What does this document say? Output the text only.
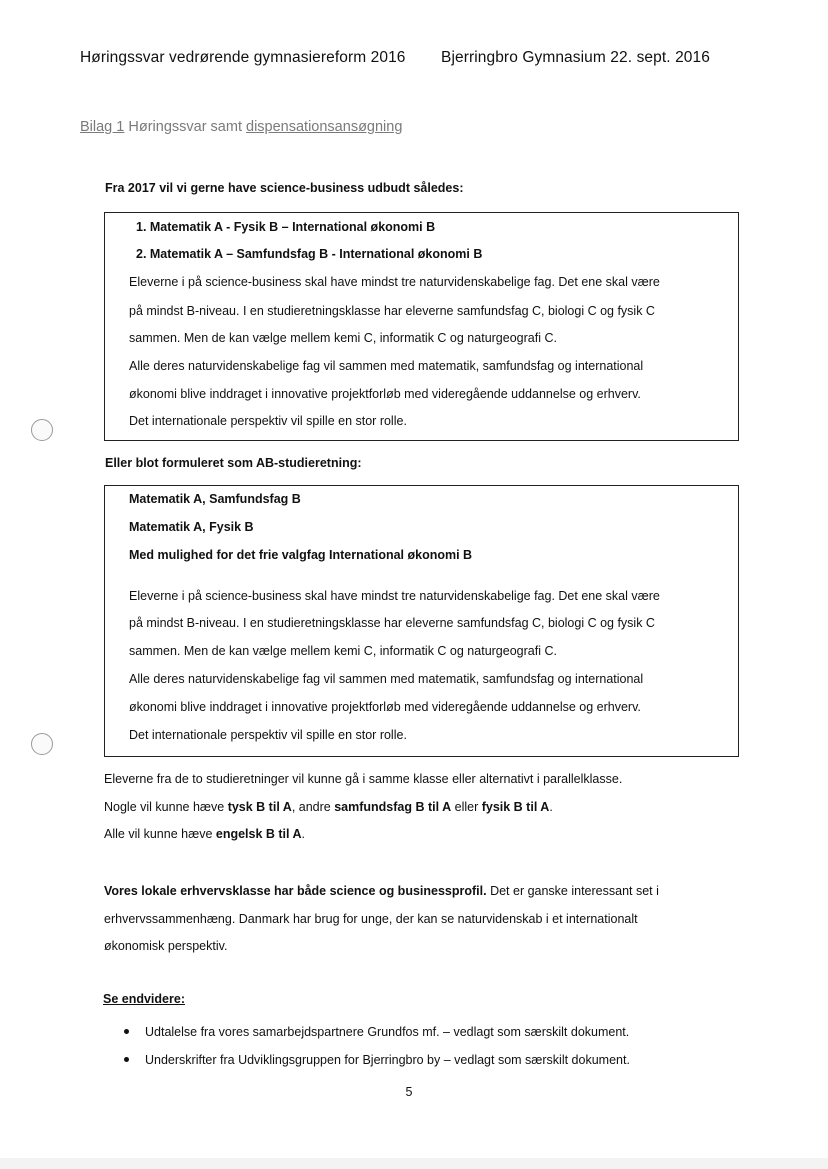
Høringssvar vedrørende gymnasiereform 2016 Bjerringbro Gymnasium 22. sept. 2016
Bilag 1 Høringssvar samt dispensationsansøgning
Fra 2017 vil vi gerne have science-business udbudt således:
1. Matematik A - Fysik B – International økonomi B
2. Matematik A – Samfundsfag B - International økonomi B
Eleverne i på science-business skal have mindst tre naturvidenskabelige fag. Det ene skal være
på mindst B-niveau. I en studieretningsklasse har eleverne samfundsfag C, biologi C og fysik C
sammen. Men de kan vælge mellem kemi C, informatik C og naturgeografi C.
Alle deres naturvidenskabelige fag vil sammen med matematik, samfundsfag og international
økonomi blive inddraget i innovative projektforløb med videregående uddannelse og erhverv.
Det internationale perspektiv vil spille en stor rolle.
Eller blot formuleret som AB-studieretning:
Matematik A, Samfundsfag B
Matematik A, Fysik B
Med mulighed for det frie valgfag International økonomi B
Eleverne i på science-business skal have mindst tre naturvidenskabelige fag. Det ene skal være
på mindst B-niveau. I en studieretningsklasse har eleverne samfundsfag C, biologi C og fysik C
sammen. Men de kan vælge mellem kemi C, informatik C og naturgeografi C.
Alle deres naturvidenskabelige fag vil sammen med matematik, samfundsfag og international
økonomi blive inddraget i innovative projektforløb med videregående uddannelse og erhverv.
Det internationale perspektiv vil spille en stor rolle.
Eleverne fra de to studieretninger vil kunne gå i samme klasse eller alternativt i parallelklasse.
Nogle vil kunne hæve tysk B til A, andre samfundsfag B til A eller fysik B til A.
Alle vil kunne hæve engelsk B til A.
Vores lokale erhvervsklasse har både science og businessprofil. Det er ganske interessant set i
erhvervssammenhæng. Danmark har brug for unge, der kan se naturvidenskab i et internationalt
økonomisk perspektiv.
Se endvidere:
Udtalelse fra vores samarbejdspartnere Grundfos mf. – vedlagt som særskilt dokument.
Underskrifter fra Udviklingsgruppen for Bjerringbro by – vedlagt som særskilt dokument.
5
